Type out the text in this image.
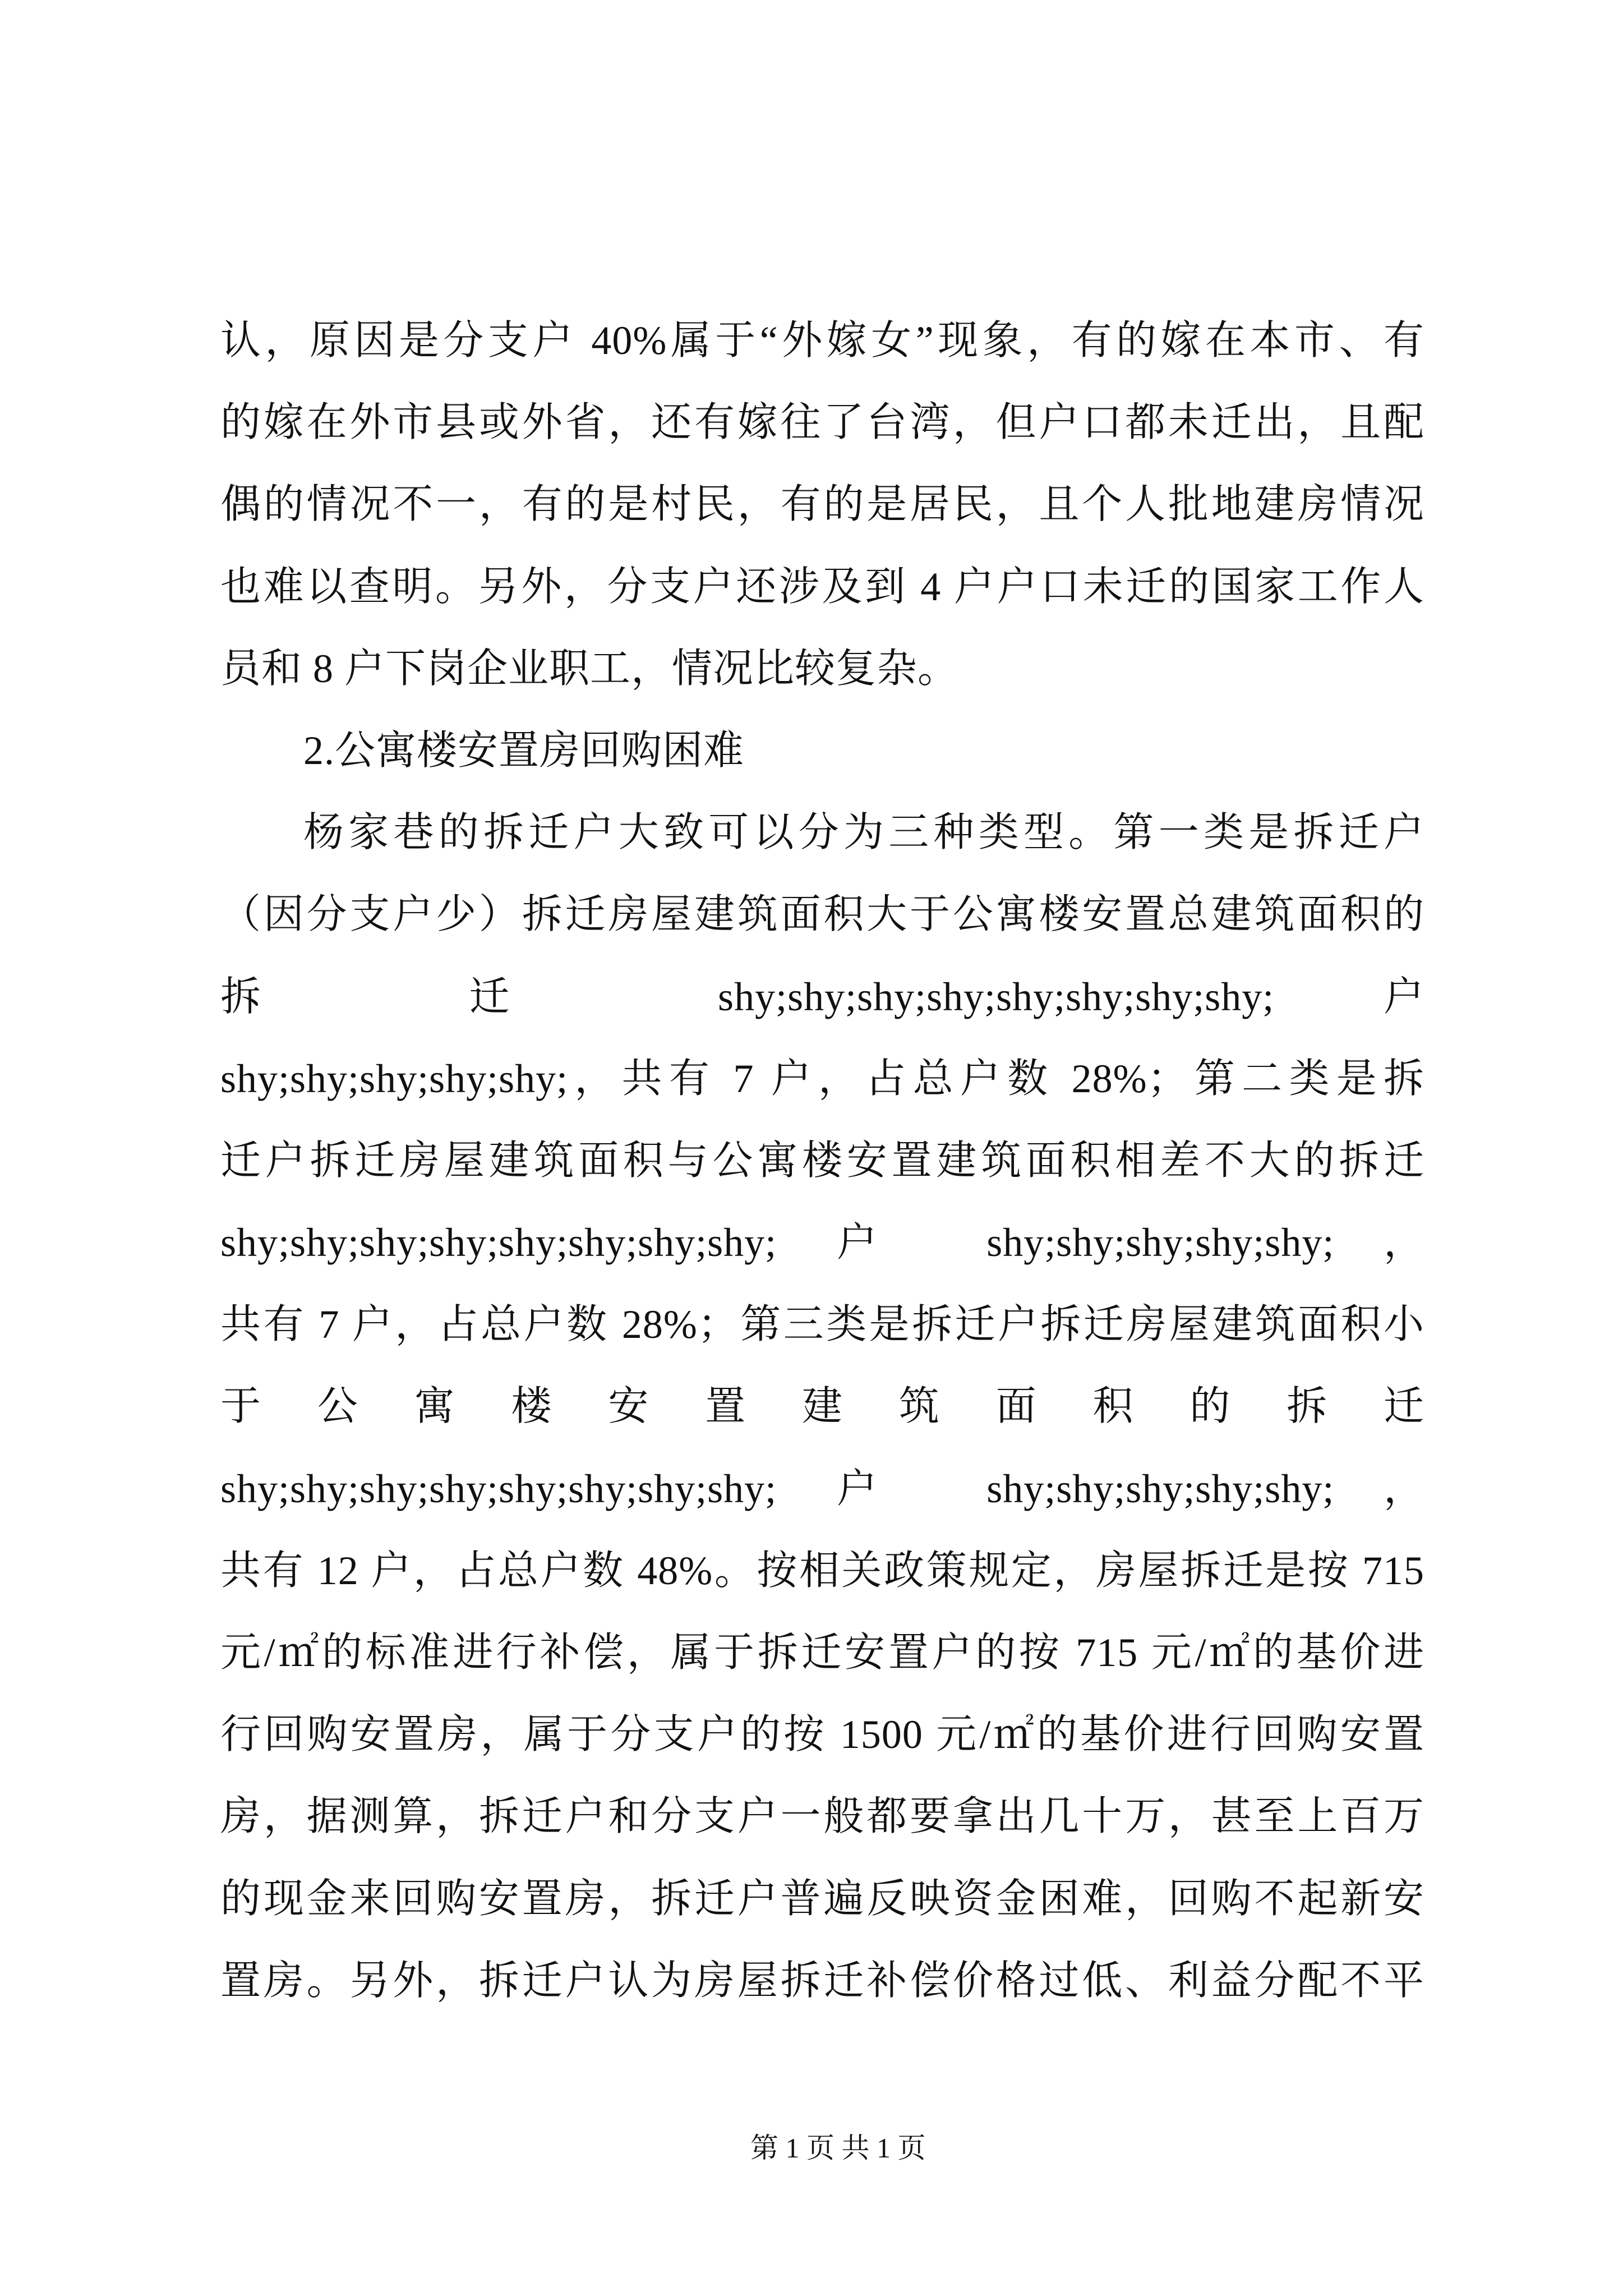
认，原因是分支户 40%属于“外嫁女”现象，有的嫁在本市、有
的嫁在外市县或外省，还有嫁往了台湾，但户口都未迁出，且配
偶的情况不一，有的是村民，有的是居民，且个人批地建房情况
也难以查明。另外，分支户还涉及到 4 户户口未迁的国家工作人
员和 8 户下岗企业职工，情况比较复杂。
2.公寓楼安置房回购困难
杨家巷的拆迁户大致可以分为三种类型。第一类是拆迁户
（因分支户少）拆迁房屋建筑面积大于公寓楼安置总建筑面积的
拆 迁 shy;shy;shy;shy;shy;shy;shy;shy; 户
shy;shy;shy;shy;shy;，共有 7 户，占总户数 28%；第二类是拆
迁户拆迁房屋建筑面积与公寓楼安置建筑面积相差不大的拆迁
shy;shy;shy;shy;shy;shy;shy;shy; 户 shy;shy;shy;shy;shy;，
共有 7 户，占总户数 28%；第三类是拆迁户拆迁房屋建筑面积小
于 公 寓 楼 安 置 建 筑 面 积 的 拆 迁
shy;shy;shy;shy;shy;shy;shy;shy; 户 shy;shy;shy;shy;shy;，
共有 12 户，占总户数 48%。按相关政策规定，房屋拆迁是按 715
元/㎡的标准进行补偿，属于拆迁安置户的按 715 元/㎡的基价进
行回购安置房，属于分支户的按 1500 元/㎡的基价进行回购安置
房，据测算，拆迁户和分支户一般都要拿出几十万，甚至上百万
的现金来回购安置房，拆迁户普遍反映资金困难，回购不起新安
置房。另外，拆迁户认为房屋拆迁补偿价格过低、利益分配不平
第 1 页 共 1 页
